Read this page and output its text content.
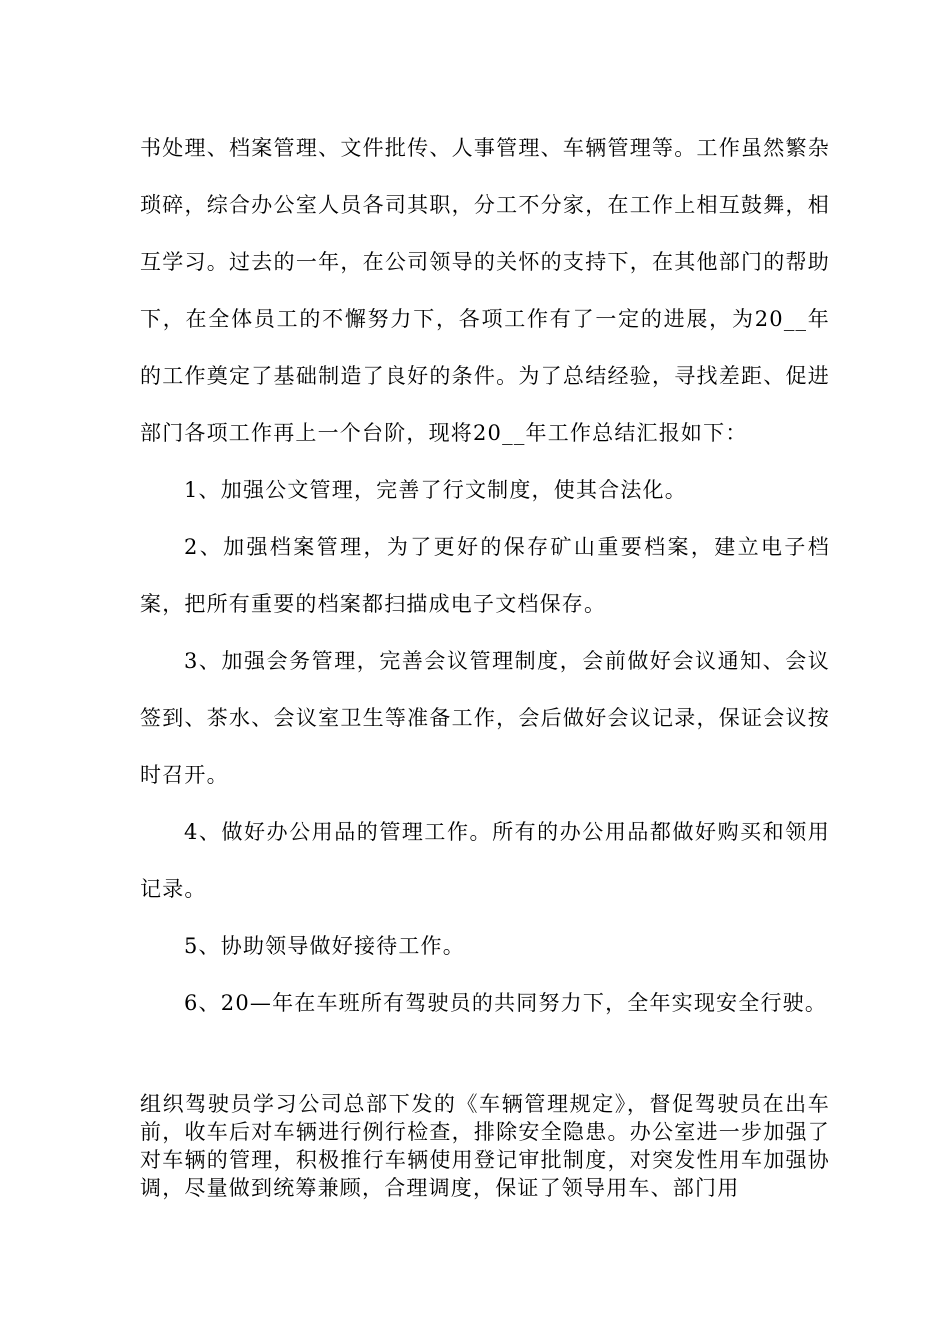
书处理、档案管理、文件批传、人事管理、车辆管理等。工作虽然繁杂琐碎，综合办公室人员各司其职，分工不分家，在工作上相互鼓舞，相互学习。过去的一年，在公司领导的关怀的支持下，在其他部门的帮助下，在全体员工的不懈努力下，各项工作有了一定的进展，为20__年的工作奠定了基础制造了良好的条件。为了总结经验，寻找差距、促进部门各项工作再上一个台阶，现将20__年工作总结汇报如下：

1、加强公文管理，完善了行文制度，使其合法化。

2、加强档案管理，为了更好的保存矿山重要档案，建立电子档案，把所有重要的档案都扫描成电子文档保存。

3、加强会务管理，完善会议管理制度，会前做好会议通知、会议签到、茶水、会议室卫生等准备工作，会后做好会议记录，保证会议按时召开。

4、做好办公用品的管理工作。所有的办公用品都做好购买和领用记录。

5、协助领导做好接待工作。

6、20—年在车班所有驾驶员的共同努力下，全年实现安全行驶。

组织驾驶员学习公司总部下发的《车辆管理规定》，督促驾驶员在出车前，收车后对车辆进行例行检查，排除安全隐患。办公室进一步加强了对车辆的管理，积极推行车辆使用登记审批制度，对突发性用车加强协调，尽量做到统筹兼顾，合理调度，保证了领导用车、部门用
